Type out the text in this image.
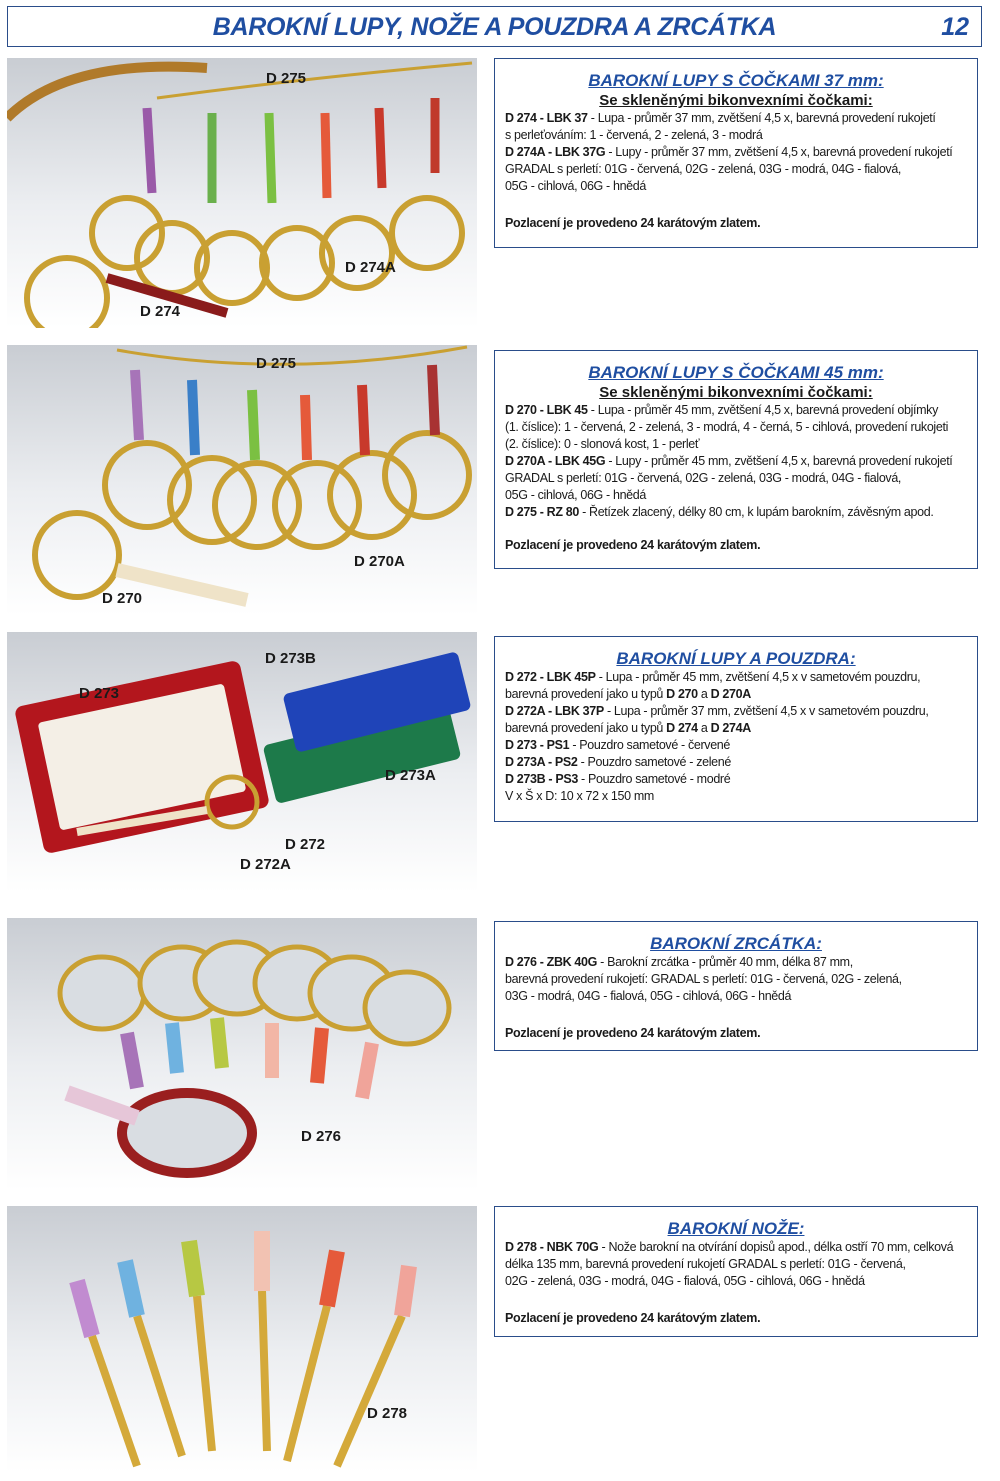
BAROKNÍ LUPY, NOŽE A POUZDRA A ZRCÁTKA	12
D 275
D 274A
D 274
BAROKNÍ LUPY S ČOČKAMI 37 mm:
Se skleněnými bikonvexními čočkami:
D 274 - LBK 37 - Lupa - průměr 37 mm, zvětšení 4,5 x, barevná provedení rukojetí
s perleťováním: 1 - červená, 2 - zelená, 3 - modrá
D 274A - LBK 37G - Lupy - průměr 37 mm, zvětšení 4,5 x, barevná provedení rukojetí
GRADAL s perletí: 01G - červená, 02G - zelená, 03G - modrá, 04G - fialová,
05G - cihlová, 06G - hnědá
Pozlacení je provedeno 24 karátovým zlatem.
D 275
D 270A
D 270
BAROKNÍ LUPY S ČOČKAMI 45 mm:
Se skleněnými bikonvexními čočkami:
D 270 - LBK 45 - Lupa - průměr 45 mm, zvětšení 4,5 x, barevná provedení objímky
(1. číslice): 1 - červená, 2 - zelená, 3 - modrá, 4 - černá, 5 - cihlová, provedení rukojeti
(2. číslice): 0 - slonová kost, 1 - perleť
D 270A - LBK 45G - Lupy - průměr 45 mm, zvětšení 4,5 x, barevná provedení rukojetí
GRADAL s perletí: 01G - červená, 02G - zelená, 03G - modrá, 04G - fialová,
05G - cihlová, 06G - hnědá
D 275 - RZ 80 - Řetízek zlacený, délky 80 cm, k lupám barokním, závěsným apod.
Pozlacení je provedeno 24 karátovým zlatem.
D 273
D 273B
D 273A
D 272
D 272A
BAROKNÍ LUPY A POUZDRA:
D 272 - LBK 45P - Lupa - průměr 45 mm, zvětšení 4,5 x v sametovém pouzdru,
barevná provedení jako u typů D 270 a D 270A
D 272A - LBK 37P - Lupa - průměr 37 mm, zvětšení 4,5 x v sametovém pouzdru,
barevná provedení jako u typů D 274 a D 274A
D 273 - PS1 - Pouzdro sametové - červené
D 273A - PS2 - Pouzdro sametové - zelené
D 273B - PS3 - Pouzdro sametové - modré
V x Š x D: 10 x 72 x 150 mm
D 276
BAROKNÍ ZRCÁTKA:
D 276 - ZBK 40G - Barokní zrcátka - průměr 40 mm, délka 87 mm,
barevná provedení rukojetí: GRADAL s perletí: 01G - červená, 02G - zelená,
03G - modrá, 04G - fialová, 05G - cihlová, 06G - hnědá
Pozlacení je provedeno 24 karátovým zlatem.
D 278
BAROKNÍ NOŽE:
D 278 - NBK 70G - Nože barokní na otvírání dopisů apod., délka ostří 70 mm, celková
délka 135 mm, barevná provedení rukojetí GRADAL s perletí: 01G - červená,
02G - zelená, 03G - modrá, 04G - fialová, 05G - cihlová, 06G - hnědá
Pozlacení je provedeno 24 karátovým zlatem.
